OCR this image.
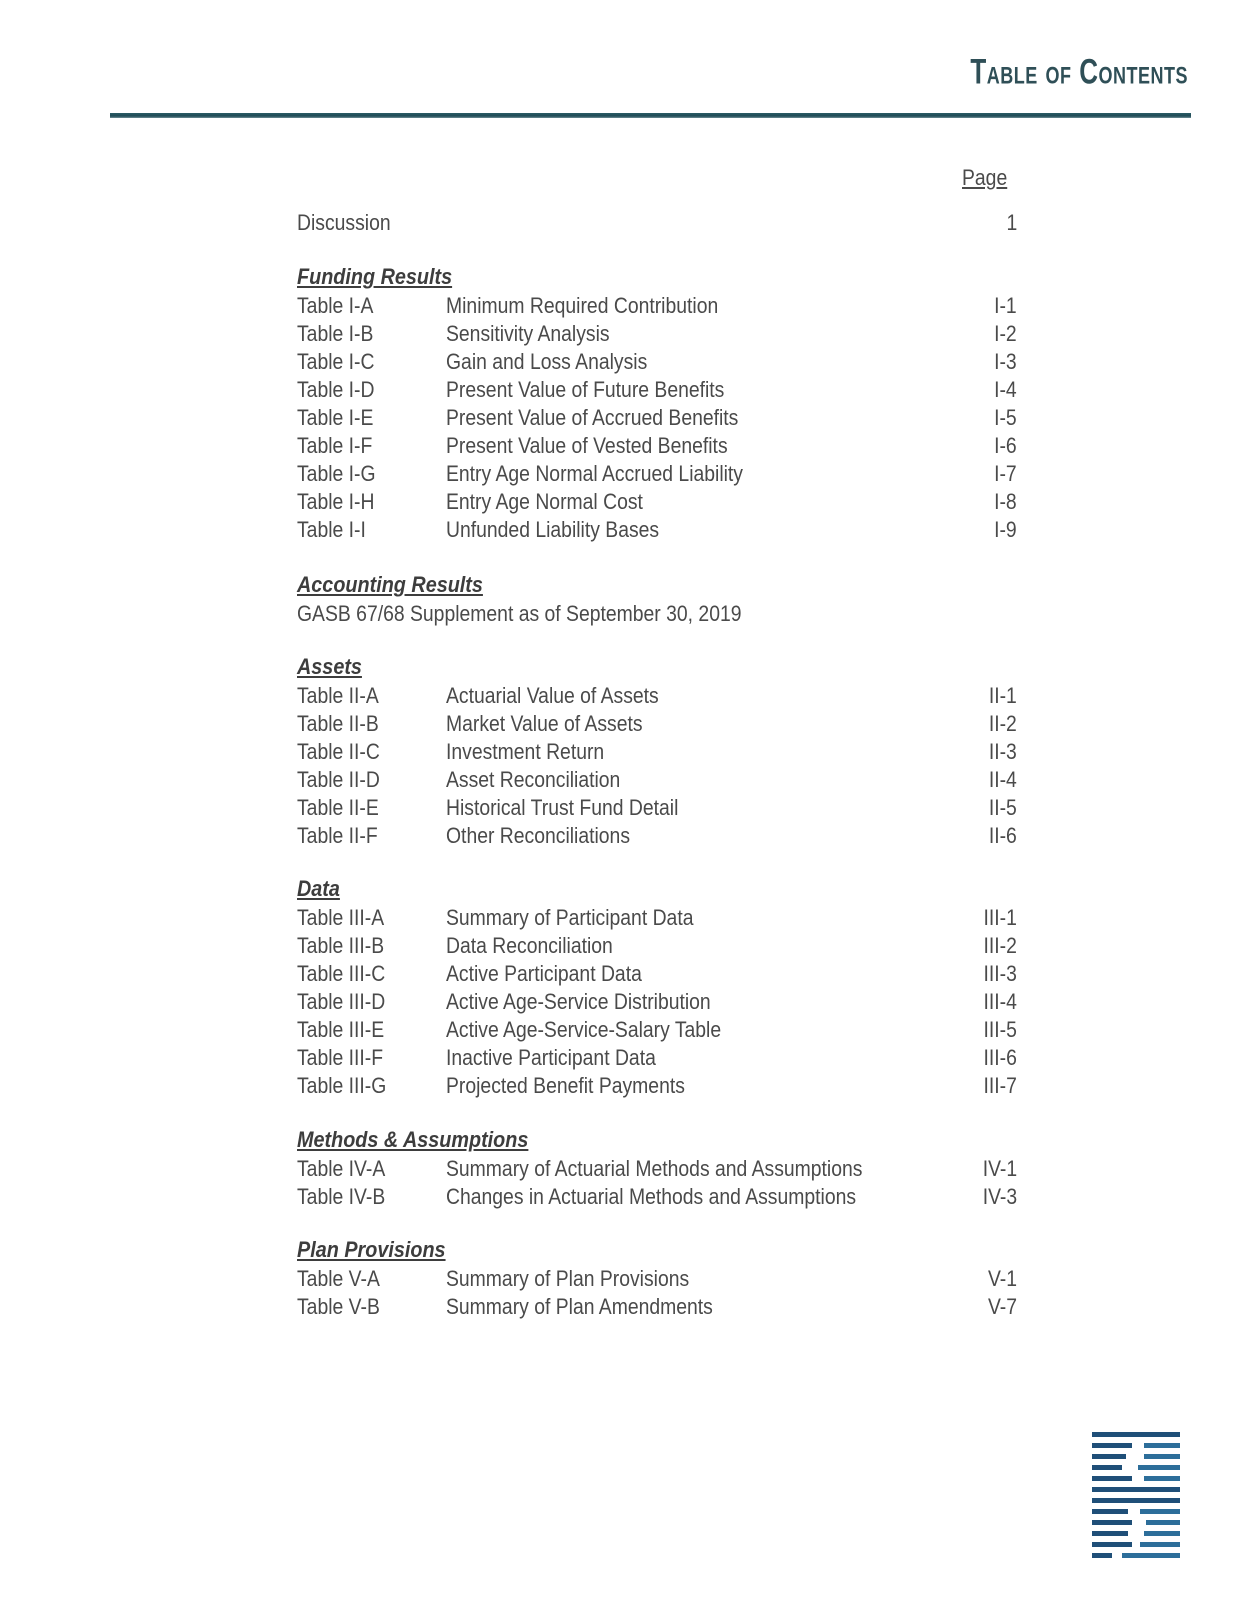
Table of Contents
Page
Discussion	1
Funding Results
Table I-A	Minimum Required Contribution	I-1
Table I-B	Sensitivity Analysis	I-2
Table I-C	Gain and Loss Analysis	I-3
Table I-D	Present Value of Future Benefits	I-4
Table I-E	Present Value of Accrued Benefits	I-5
Table I-F	Present Value of Vested Benefits	I-6
Table I-G	Entry Age Normal Accrued Liability	I-7
Table I-H	Entry Age Normal Cost	I-8
Table I-I	Unfunded Liability Bases	I-9
Accounting Results
GASB 67/68 Supplement as of September 30, 2019
Assets
Table II-A	Actuarial Value of Assets	II-1
Table II-B	Market Value of Assets	II-2
Table II-C	Investment Return	II-3
Table II-D	Asset Reconciliation	II-4
Table II-E	Historical Trust Fund Detail	II-5
Table II-F	Other Reconciliations	II-6
Data
Table III-A	Summary of Participant Data	III-1
Table III-B	Data Reconciliation	III-2
Table III-C	Active Participant Data	III-3
Table III-D	Active Age-Service Distribution	III-4
Table III-E	Active Age-Service-Salary Table	III-5
Table III-F	Inactive Participant Data	III-6
Table III-G	Projected Benefit Payments	III-7
Methods & Assumptions
Table IV-A	Summary of Actuarial Methods and Assumptions	IV-1
Table IV-B	Changes in Actuarial Methods and Assumptions	IV-3
Plan Provisions
Table V-A	Summary of Plan Provisions	V-1
Table V-B	Summary of Plan Amendments	V-7
